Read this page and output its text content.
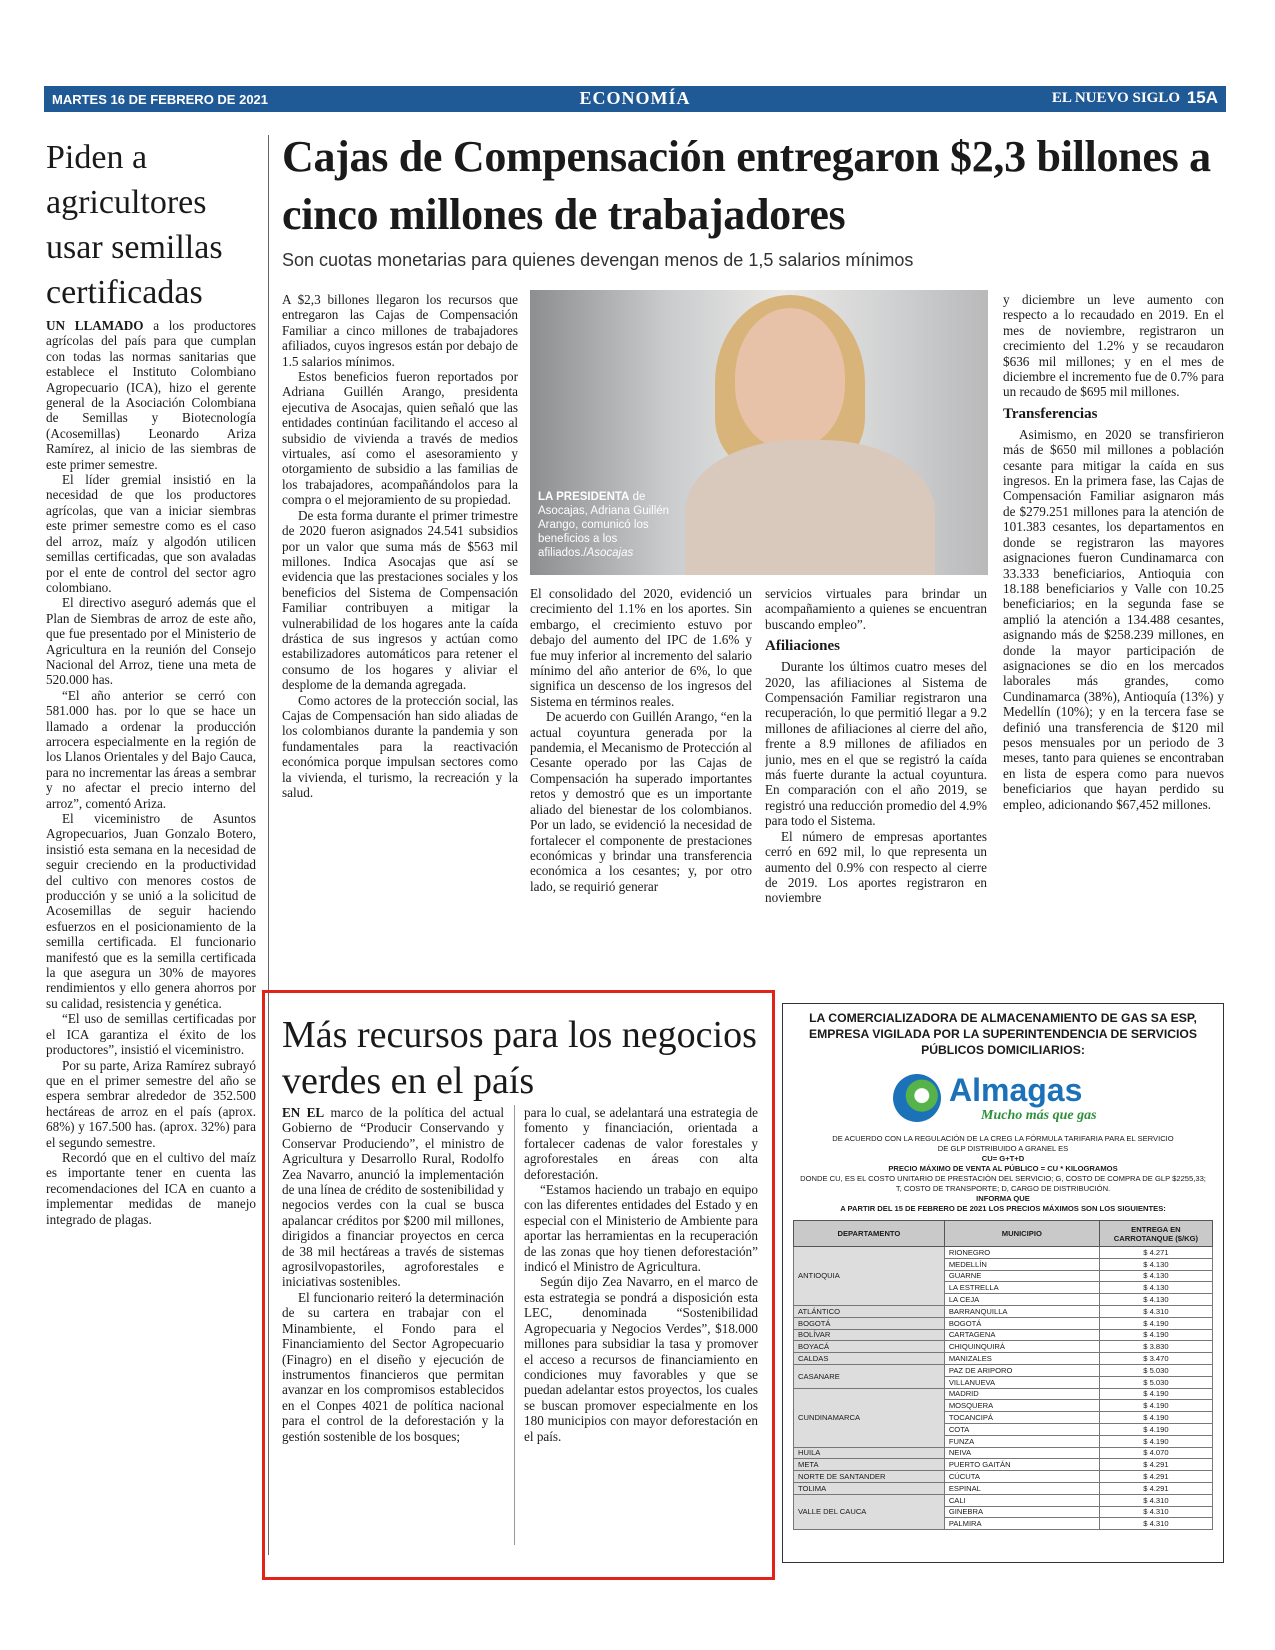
MARTES 16 DE FEBRERO DE 2021	ECONOMÍA	EL NUEVO SIGLO 15A
Piden a agricultores usar semillas certificadas

UN LLAMADO a los productores agrícolas del país para que cumplan con todas las normas sanitarias que establece el Instituto Colombiano Agropecuario (ICA), hizo el gerente general de la Asociación Colombiana de Semillas y Biotecnología (Acosemillas) Leonardo Ariza Ramírez, al inicio de las siembras de este primer semestre.

El líder gremial insistió en la necesidad de que los productores agrícolas, que van a iniciar siembras este primer semestre como es el caso del arroz, maíz y algodón utilicen semillas certificadas, que son avaladas por el ente de control del sector agro colombiano.

El directivo aseguró además que el Plan de Siembras de arroz de este año, que fue presentado por el Ministerio de Agricultura en la reunión del Consejo Nacional del Arroz, tiene una meta de 520.000 has.

“El año anterior se cerró con 581.000 has. por lo que se hace un llamado a ordenar la producción arrocera especialmente en la región de los Llanos Orientales y del Bajo Cauca, para no incrementar las áreas a sembrar y no afectar el precio interno del arroz”, comentó Ariza.

El viceministro de Asuntos Agropecuarios, Juan Gonzalo Botero, insistió esta semana en la necesidad de seguir creciendo en la productividad del cultivo con menores costos de producción y se unió a la solicitud de Acosemillas de seguir haciendo esfuerzos en el posicionamiento de la semilla certificada. El funcionario manifestó que es la semilla certificada la que asegura un 30% de mayores rendimientos y ello genera ahorros por su calidad, resistencia y genética.

“El uso de semillas certificadas por el ICA garantiza el éxito de los productores”, insistió el viceministro.

Por su parte, Ariza Ramírez subrayó que en el primer semestre del año se espera sembrar alrededor de 352.500 hectáreas de arroz en el país (aprox. 68%) y 167.500 has. (aprox. 32%) para el segundo semestre.

Recordó que en el cultivo del maíz es importante tener en cuenta las recomendaciones del ICA en cuanto a implementar medidas de manejo integrado de plagas.

Cajas de Compensación entregaron $2,3 billones a cinco millones de trabajadores
Son cuotas monetarias para quienes devengan menos de 1,5 salarios mínimos

A $2,3 billones llegaron los recursos que entregaron las Cajas de Compensación Familiar a cinco millones de trabajadores afiliados, cuyos ingresos están por debajo de 1.5 salarios mínimos.

Estos beneficios fueron reportados por Adriana Guillén Arango, presidenta ejecutiva de Asocajas, quien señaló que las entidades continúan facilitando el acceso al subsidio de vivienda a través de medios virtuales, así como el asesoramiento y otorgamiento de subsidio a las familias de los trabajadores, acompañándolos para la compra o el mejoramiento de su propiedad.

De esta forma durante el primer trimestre de 2020 fueron asignados 24.541 subsidios por un valor que suma más de $563 mil millones. Indica Asocajas que así se evidencia que las prestaciones sociales y los beneficios del Sistema de Compensación Familiar contribuyen a mitigar la vulnerabilidad de los hogares ante la caída drástica de sus ingresos y actúan como estabilizadores automáticos para retener el consumo de los hogares y aliviar el desplome de la demanda agregada.

Como actores de la protección social, las Cajas de Compensación han sido aliadas de los colombianos durante la pandemia y son fundamentales para la reactivación económica porque impulsan sectores como la vivienda, el turismo, la recreación y la salud.

LA PRESIDENTA de Asocajas, Adriana Guillén Arango, comunicó los beneficios a los afiliados./Asocajas

El consolidado del 2020, evidenció un crecimiento del 1.1% en los aportes. Sin embargo, el crecimiento estuvo por debajo del aumento del IPC de 1.6% y fue muy inferior al incremento del salario mínimo del año anterior de 6%, lo que significa un descenso de los ingresos del Sistema en términos reales.

De acuerdo con Guillén Arango, “en la actual coyuntura generada por la pandemia, el Mecanismo de Protección al Cesante operado por las Cajas de Compensación ha superado importantes retos y demostró que es un importante aliado del bienestar de los colombianos. Por un lado, se evidenció la necesidad de fortalecer el componente de prestaciones económicas y brindar una transferencia económica a los cesantes; y, por otro lado, se requirió generar

servicios virtuales para brindar un acompañamiento a quienes se encuentran buscando empleo”.

Afiliaciones

Durante los últimos cuatro meses del 2020, las afiliaciones al Sistema de Compensación Familiar registraron una recuperación, lo que permitió llegar a 9.2 millones de afiliaciones al cierre del año, frente a 8.9 millones de afiliados en junio, mes en el que se registró la caída más fuerte durante la actual coyuntura. En comparación con el año 2019, se registró una reducción promedio del 4.9% para todo el Sistema.

El número de empresas aportantes cerró en 692 mil, lo que representa un aumento del 0.9% con respecto al cierre de 2019. Los aportes registraron en noviembre

y diciembre un leve aumento con respecto a lo recaudado en 2019. En el mes de noviembre, registraron un crecimiento del 1.2% y se recaudaron $636 mil millones; y en el mes de diciembre el incremento fue de 0.7% para un recaudo de $695 mil millones.

Transferencias

Asimismo, en 2020 se transfirieron más de $650 mil millones a población cesante para mitigar la caída en sus ingresos. En la primera fase, las Cajas de Compensación Familiar asignaron más de $279.251 millones para la atención de 101.383 cesantes, los departamentos en donde se registraron las mayores asignaciones fueron Cundinamarca con 33.333 beneficiarios, Antioquia con 18.188 beneficiarios y Valle con 10.25 beneficiarios; en la segunda fase se amplió la atención a 134.488 cesantes, asignando más de $258.239 millones, en donde la mayor participación de asignaciones se dio en los mercados laborales más grandes, como Cundinamarca (38%), Antioquía (13%) y Medellín (10%); y en la tercera fase se definió una transferencia de $120 mil pesos mensuales por un periodo de 3 meses, tanto para quienes se encontraban en lista de espera como para nuevos beneficiarios que hayan perdido su empleo, adicionando $67,452 millones.

Más recursos para los negocios verdes en el país

EN EL marco de la política del actual Gobierno de “Producir Conservando y Conservar Produciendo”, el ministro de Agricultura y Desarrollo Rural, Rodolfo Zea Navarro, anunció la implementación de una línea de crédito de sostenibilidad y negocios verdes con la cual se busca apalancar créditos por $200 mil millones, dirigidos a financiar proyectos en cerca de 38 mil hectáreas a través de sistemas agrosilvopastoriles, agroforestales e iniciativas sostenibles.

El funcionario reiteró la determinación de su cartera en trabajar con el Minambiente, el Fondo para el Financiamiento del Sector Agropecuario (Finagro) en el diseño y ejecución de instrumentos financieros que permitan avanzar en los compromisos establecidos en el Conpes 4021 de política nacional para el control de la deforestación y la gestión sostenible de los bosques;

para lo cual, se adelantará una estrategia de fomento y financiación, orientada a fortalecer cadenas de valor forestales y agroforestales en áreas con alta deforestación.

“Estamos haciendo un trabajo en equipo con las diferentes entidades del Estado y en especial con el Ministerio de Ambiente para aportar las herramientas en la recuperación de las zonas que hoy tienen deforestación” indicó el Ministro de Agricultura.

Según dijo Zea Navarro, en el marco de esta estrategia se pondrá a disposición esta LEC, denominada “Sostenibilidad Agropecuaria y Negocios Verdes”, $18.000 millones para subsidiar la tasa y promover el acceso a recursos de financiamiento en condiciones muy favorables y que se puedan adelantar estos proyectos, los cuales se buscan promover especialmente en los 180 municipios con mayor deforestación en el país.

LA COMERCIALIZADORA DE ALMACENAMIENTO DE GAS SA ESP, EMPRESA VIGILADA POR LA SUPERINTENDENCIA DE SERVICIOS PÚBLICOS DOMICILIARIOS:
Almagas
Mucho más que gas
DE ACUERDO CON LA REGULACIÓN DE LA CREG LA FÓRMULA TARIFARIA PARA EL SERVICIO
DE GLP DISTRIBUIDO A GRANEL ES
CU= G+T+D
PRECIO MÁXIMO DE VENTA AL PÚBLICO = CU * KILOGRAMOS
DONDE CU, ES EL COSTO UNITARIO DE PRESTACIÓN DEL SERVICIO; G, COSTO DE COMPRA DE GLP $2255,33;
T, COSTO DE TRANSPORTE; D, CARGO DE DISTRIBUCIÓN.
INFORMA QUE
A PARTIR DEL 15 DE FEBRERO DE 2021 LOS PRECIOS MÁXIMOS SON LOS SIGUIENTES:
DEPARTAMENTO	MUNICIPIO	ENTREGA EN CARROTANQUE ($/KG)
ANTIOQUIA	RIONEGRO	$ 4.271
	MEDELLÍN	$ 4.130
	GUARNE	$ 4.130
	LA ESTRELLA	$ 4.130
	LA CEJA	$ 4.130
ATLÁNTICO	BARRANQUILLA	$ 4.310
BOGOTÁ	BOGOTÁ	$ 4.190
BOLÍVAR	CARTAGENA	$ 4.190
BOYACÁ	CHIQUINQUIRÁ	$ 3.830
CALDAS	MANIZALES	$ 3.470
CASANARE	PAZ DE ARIPORO	$ 5.030
	VILLANUEVA	$ 5.030
CUNDINAMARCA	MADRID	$ 4.190
	MOSQUERA	$ 4.190
	TOCANCIPÁ	$ 4.190
	COTA	$ 4.190
	FUNZA	$ 4.190
HUILA	NEIVA	$ 4.070
META	PUERTO GAITÁN	$ 4.291
NORTE DE SANTANDER	CÚCUTA	$ 4.291
TOLIMA	ESPINAL	$ 4.291
VALLE DEL CAUCA	CALI	$ 4.310
	GINEBRA	$ 4.310
	PALMIRA	$ 4.310
